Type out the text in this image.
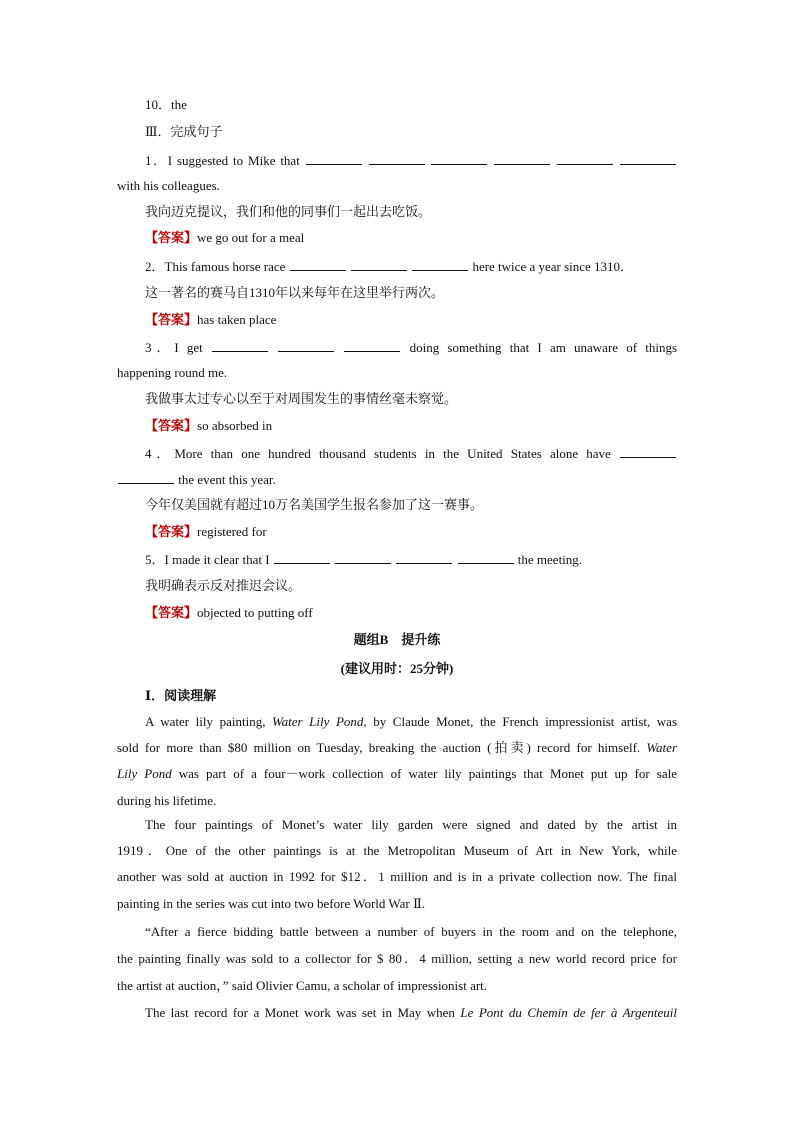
10．the
Ⅲ．完成句子
1．I suggested to Mike that
with his colleagues.
我向迈克提议，我们和他的同事们一起出去吃饭。
【答案】we go out for a meal
2．This famous horse race	here twice a year since 1310．
这一著名的赛马自1310年以来每年在这里举行两次。
【答案】has taken place
3．I get	doing something that I am unaware of things
happening round me.
我做事太过专心以至于对周围发生的事情丝毫未察觉。
【答案】so absorbed in
4．More than one hundred thousand students in the United States alone have
the event this year.
今年仅美国就有超过10万名美国学生报名参加了这一赛事。
【答案】registered for
5．I made it clear that I	the meeting.
我明确表示反对推迟会议。
【答案】objected to putting off
题组B　提升练
(建议用时：25分钟)
Ⅰ．阅读理解
A water lily painting, Water Lily Pond, by Claude Monet, the French impressionist artist, was
sold for more than $80 million on Tuesday, breaking the auction (拍卖) record for himself. Water
Lily Pond was part of a four－work collection of water lily paintings that Monet put up for sale
during his lifetime.
The four paintings of Monet’s water lily garden were signed and dated by the artist in
1919．One of the other paintings is at the Metropolitan Museum of Art in New York, while
another was sold at auction in 1992 for $12．1 million and is in a private collection now. The final
painting in the series was cut into two before World War Ⅱ.
“After a fierce bidding battle between a number of buyers in the room and on the telephone,
the painting finally was sold to a collector for $ 80．4 million, setting a new world record price for
the artist at auction，” said Olivier Camu, a scholar of impressionist art.
The last record for a Monet work was set in May when Le Pont du Chemin de fer à Argenteuil
